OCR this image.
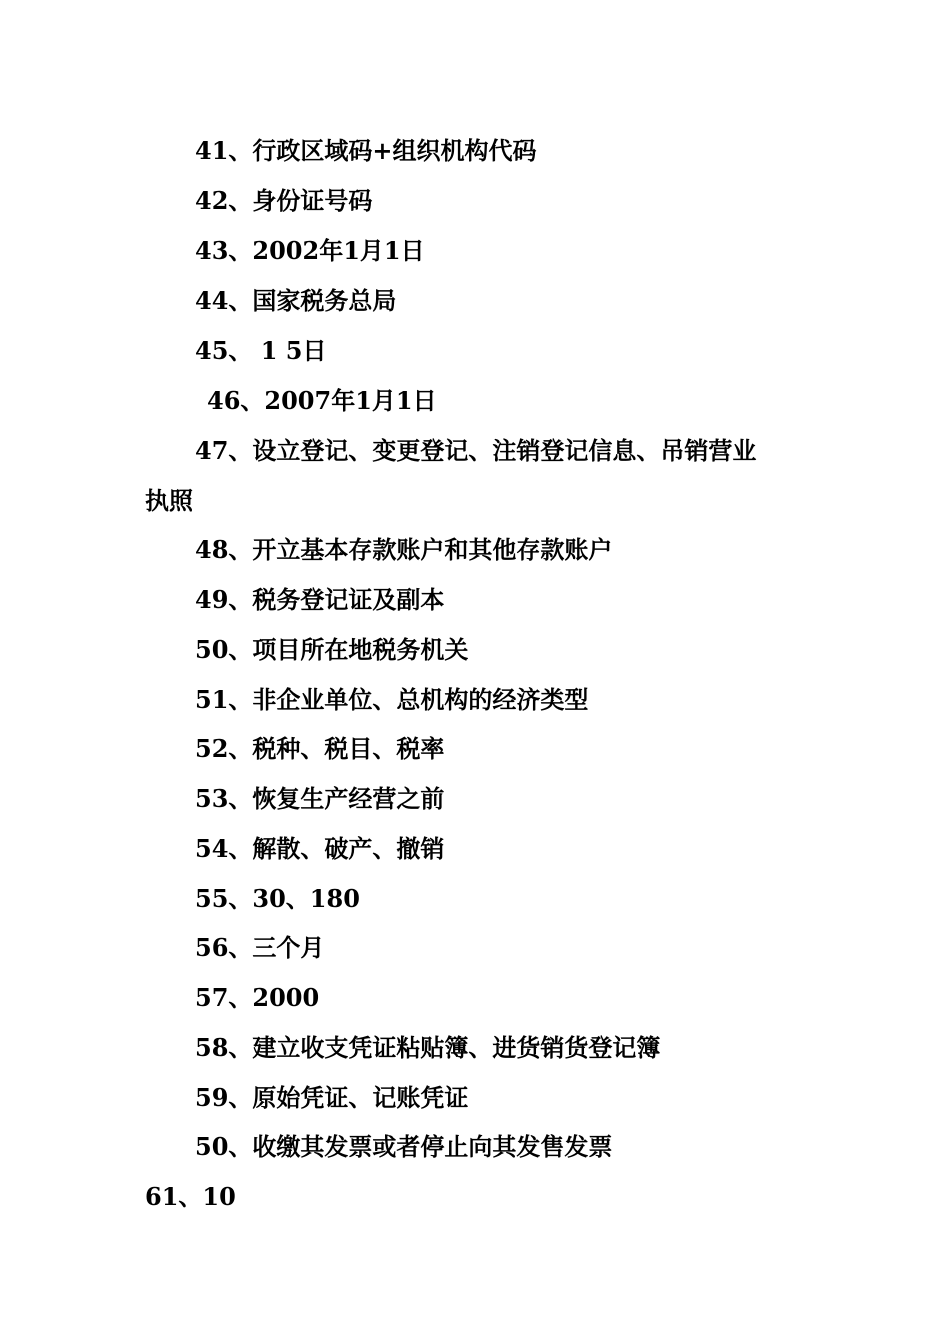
41、行政区域码+组织机构代码
42、身份证号码
43、2002年1月1日
44、国家税务总局
45、 1 5日
46、2007年1月1日
47、设立登记、变更登记、注销登记信息、吊销营业
执照
48、开立基本存款账户和其他存款账户
49、税务登记证及副本
50、项目所在地税务机关
51、非企业单位、总机构的经济类型
52、税种、税目、税率
53、恢复生产经营之前
54、解散、破产、撤销
55、30、180
56、三个月
57、2000
58、建立收支凭证粘贴簿、进货销货登记簿
59、原始凭证、记账凭证
50、收缴其发票或者停止向其发售发票
61、10
